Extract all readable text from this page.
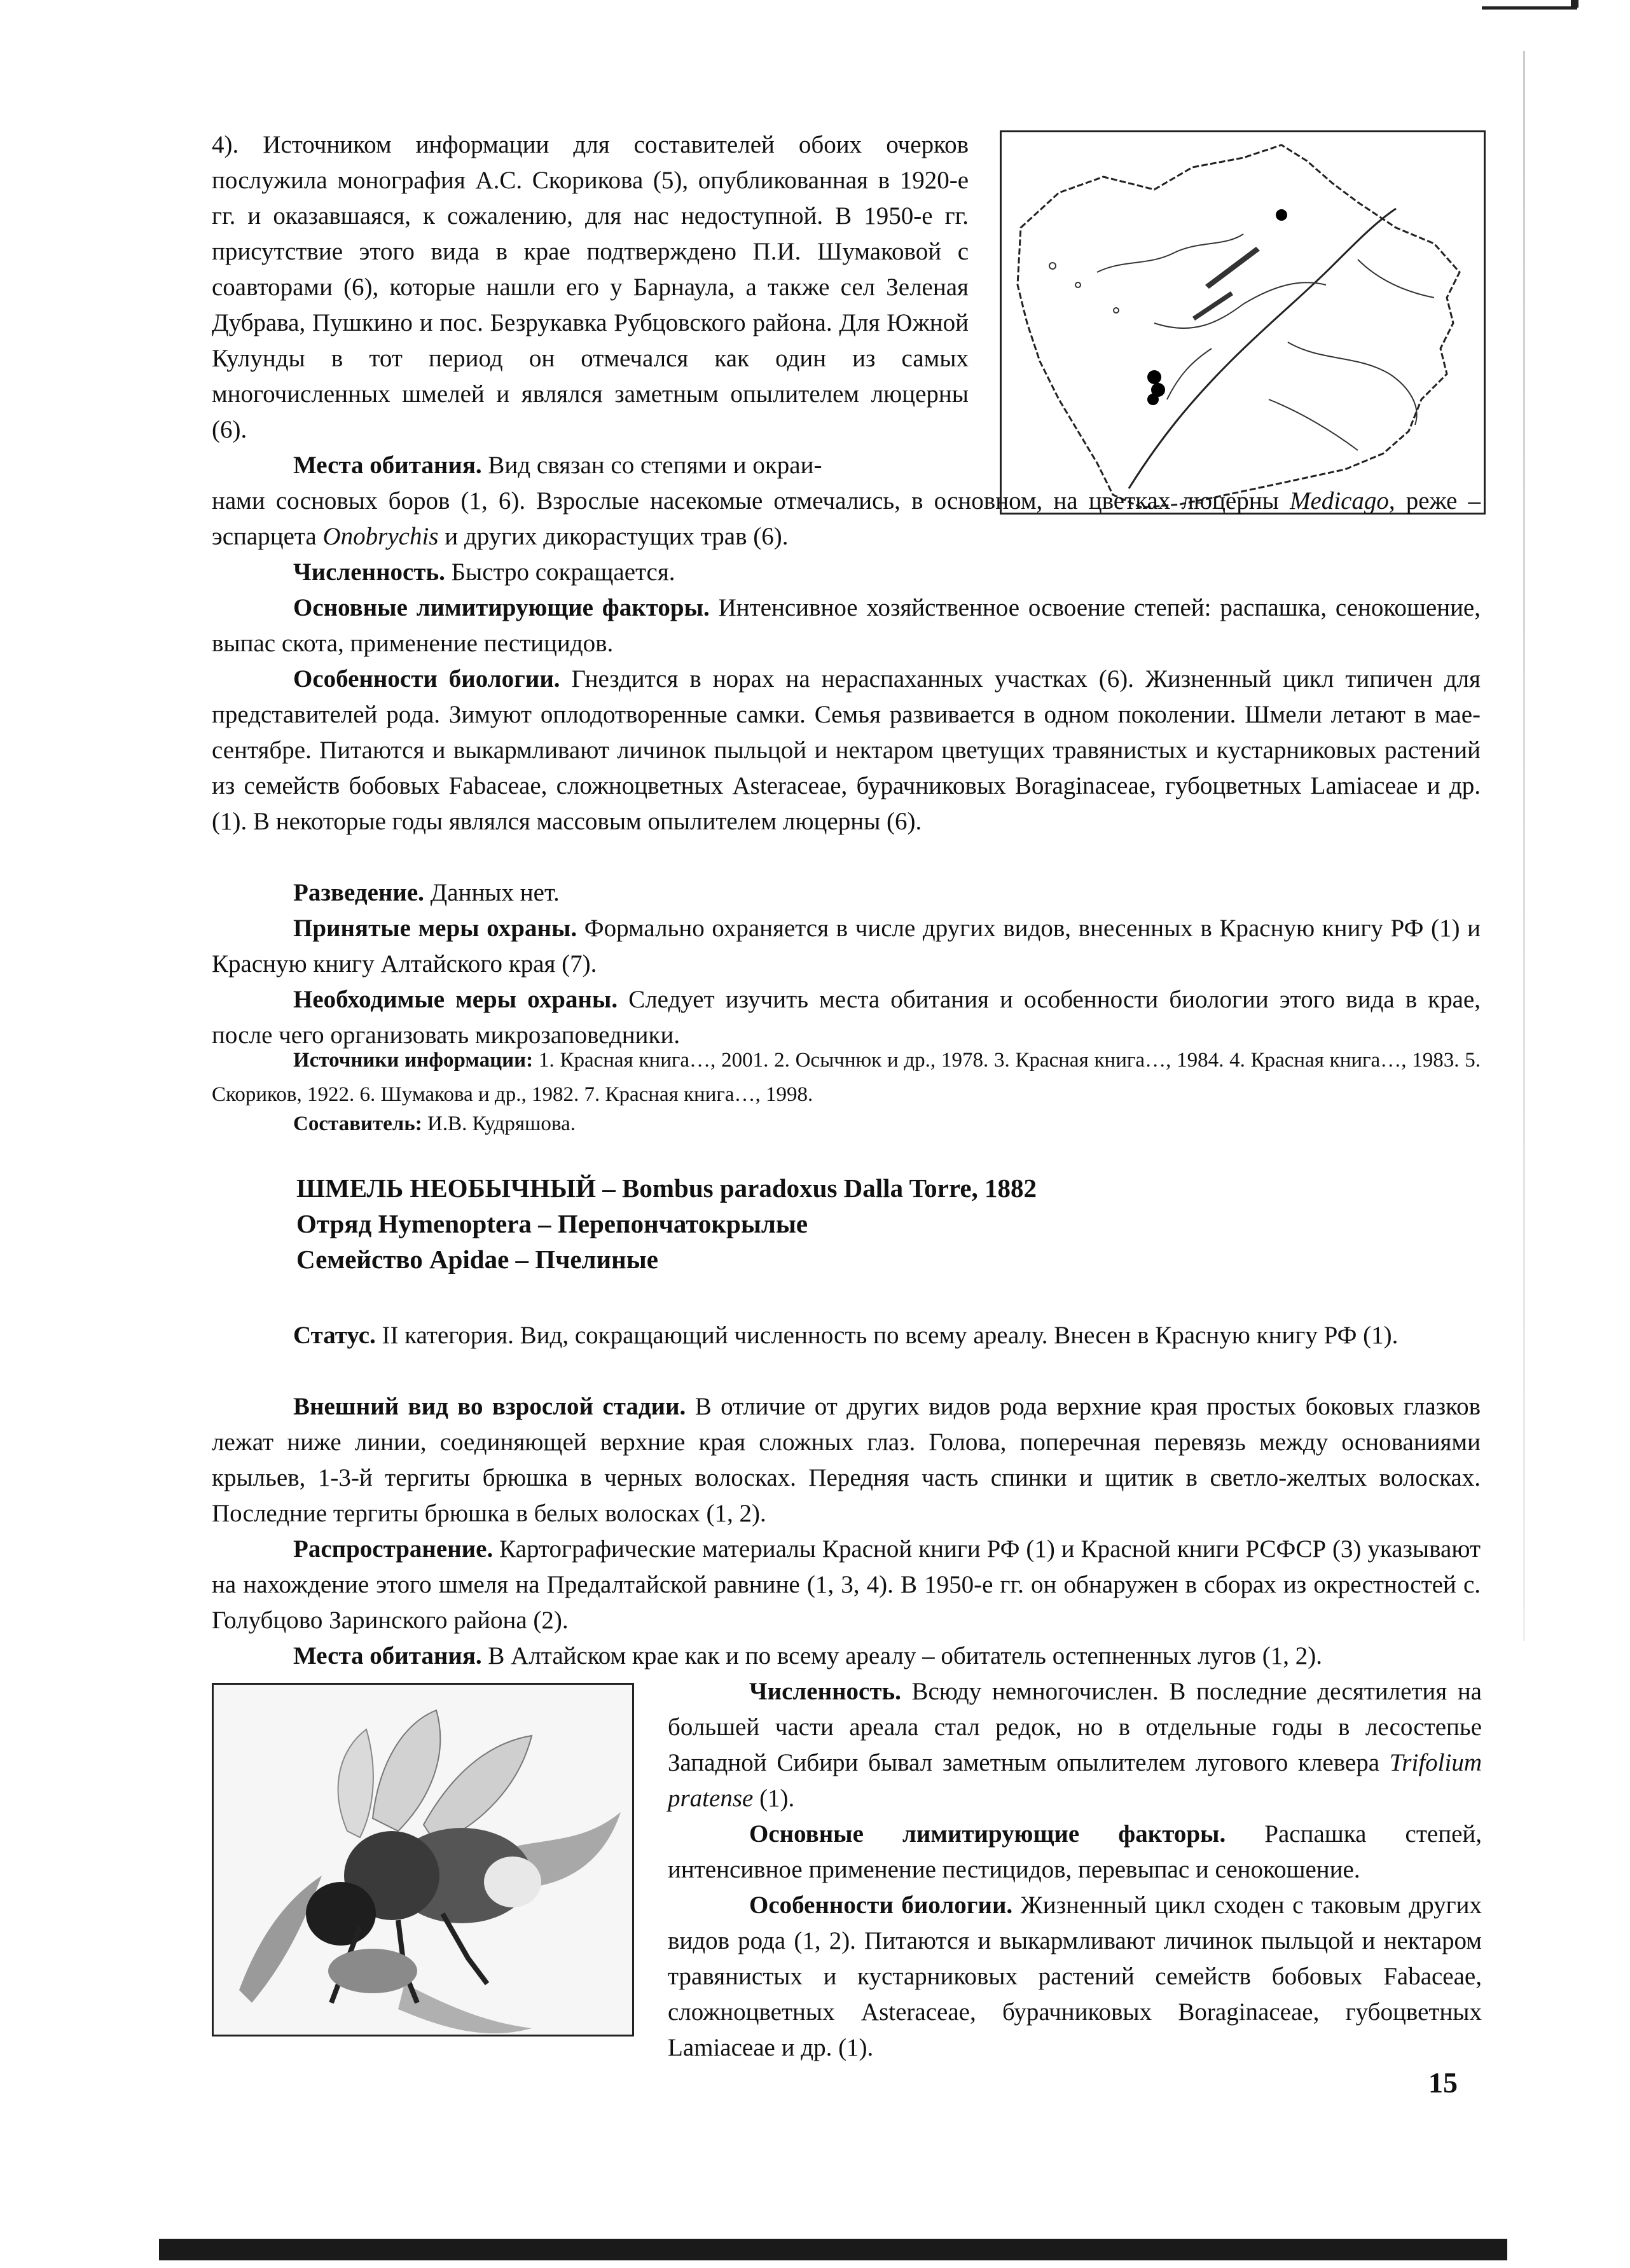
4). Источником информации для составителей обоих очерков послужила монография А.С. Скорикова (5), опубликованная в 1920-е гг. и оказавшаяся, к сожалению, для нас недоступной. В 1950-е гг. присутствие этого вида в крае подтверждено П.И. Шумаковой с соавторами (6), которые нашли его у Барнаула, а также сел Зеленая Дубрава, Пушкино и пос. Безрукавка Рубцовского района. Для Южной Кулунды в тот период он отмечался как один из самых многочисленных шмелей и являлся заметным опылителем люцерны (6).

Места обитания. Вид связан со степями и окраи-

нами сосновых боров (1, 6). Взрослые насекомые отмечались, в основном, на цветках люцерны Medicago, реже – эспарцета Onobrychis и других дикорастущих трав (6).

Численность. Быстро сокращается.

Основные лимитирующие факторы. Интенсивное хозяйственное освоение степей: распашка, сенокошение, выпас скота, применение пестицидов.

Особенности биологии. Гнездится в норах на нераспаханных участках (6). Жизненный цикл типичен для представителей рода. Зимуют оплодотворенные самки. Семья развивается в одном поколении. Шмели летают в мае-сентябре. Питаются и выкармливают личинок пыльцой и нектаром цветущих травянистых и кустарниковых растений из семейств бобовых Fabaceae, сложноцветных Asteraceae, бурачниковых Boraginaceae, губоцветных Lamiaceae и др. (1). В некоторые годы являлся массовым опылителем люцерны (6).

Разведение. Данных нет.

Принятые меры охраны. Формально охраняется в числе других видов, внесенных в Красную книгу РФ (1) и Красную книгу Алтайского края (7).

Необходимые меры охраны. Следует изучить места обитания и особенности биологии этого вида в крае, после чего организовать микрозаповедники.

Источники информации: 1. Красная книга…, 2001. 2. Осычнюк и др., 1978. 3. Красная книга…, 1984. 4. Красная книга…, 1983. 5. Скориков, 1922. 6. Шумакова и др., 1982. 7. Красная книга…, 1998.

Составитель: И.В. Кудряшова.

ШМЕЛЬ НЕОБЫЧНЫЙ – Bombus paradoxus Dalla Torre, 1882
Отряд Hymenoptera – Перепончатокрылые
Семейство Apidae – Пчелиные

Статус. II категория. Вид, сокращающий численность по всему ареалу. Внесен в Красную книгу РФ (1).

Внешний вид во взрослой стадии. В отличие от других видов рода верхние края простых боковых глазков лежат ниже линии, соединяющей верхние края сложных глаз. Голова, поперечная перевязь между основаниями крыльев, 1-3-й тергиты брюшка в черных волосках. Передняя часть спинки и щитик в светло-желтых волосках. Последние тергиты брюшка в белых волосках (1, 2).

Распространение. Картографические материалы Красной книги РФ (1) и Красной книги РСФСР (3) указывают на нахождение этого шмеля на Предалтайской равнине (1, 3, 4). В 1950-е гг. он обнаружен в сборах из окрестностей с. Голубцово Заринского района (2).

Места обитания. В Алтайском крае как и по всему ареалу – обитатель остепненных лугов (1, 2).

Численность. Всюду немногочислен. В последние десятилетия на большей части ареала стал редок, но в отдельные годы в лесостепье Западной Сибири бывал заметным опылителем лугового клевера Trifolium pratense (1).

Основные лимитирующие факторы. Распашка степей, интенсивное применение пестицидов, перевыпас и сенокошение.

Особенности биологии. Жизненный цикл сходен с таковым других видов рода (1, 2). Питаются и выкармливают личинок пыльцой и нектаром травянистых и кустарниковых растений семейств бобовых Fabaceae, сложноцветных Asteraceae, бурачниковых Boraginaceae, губоцветных Lamiaceae и др. (1).

15
